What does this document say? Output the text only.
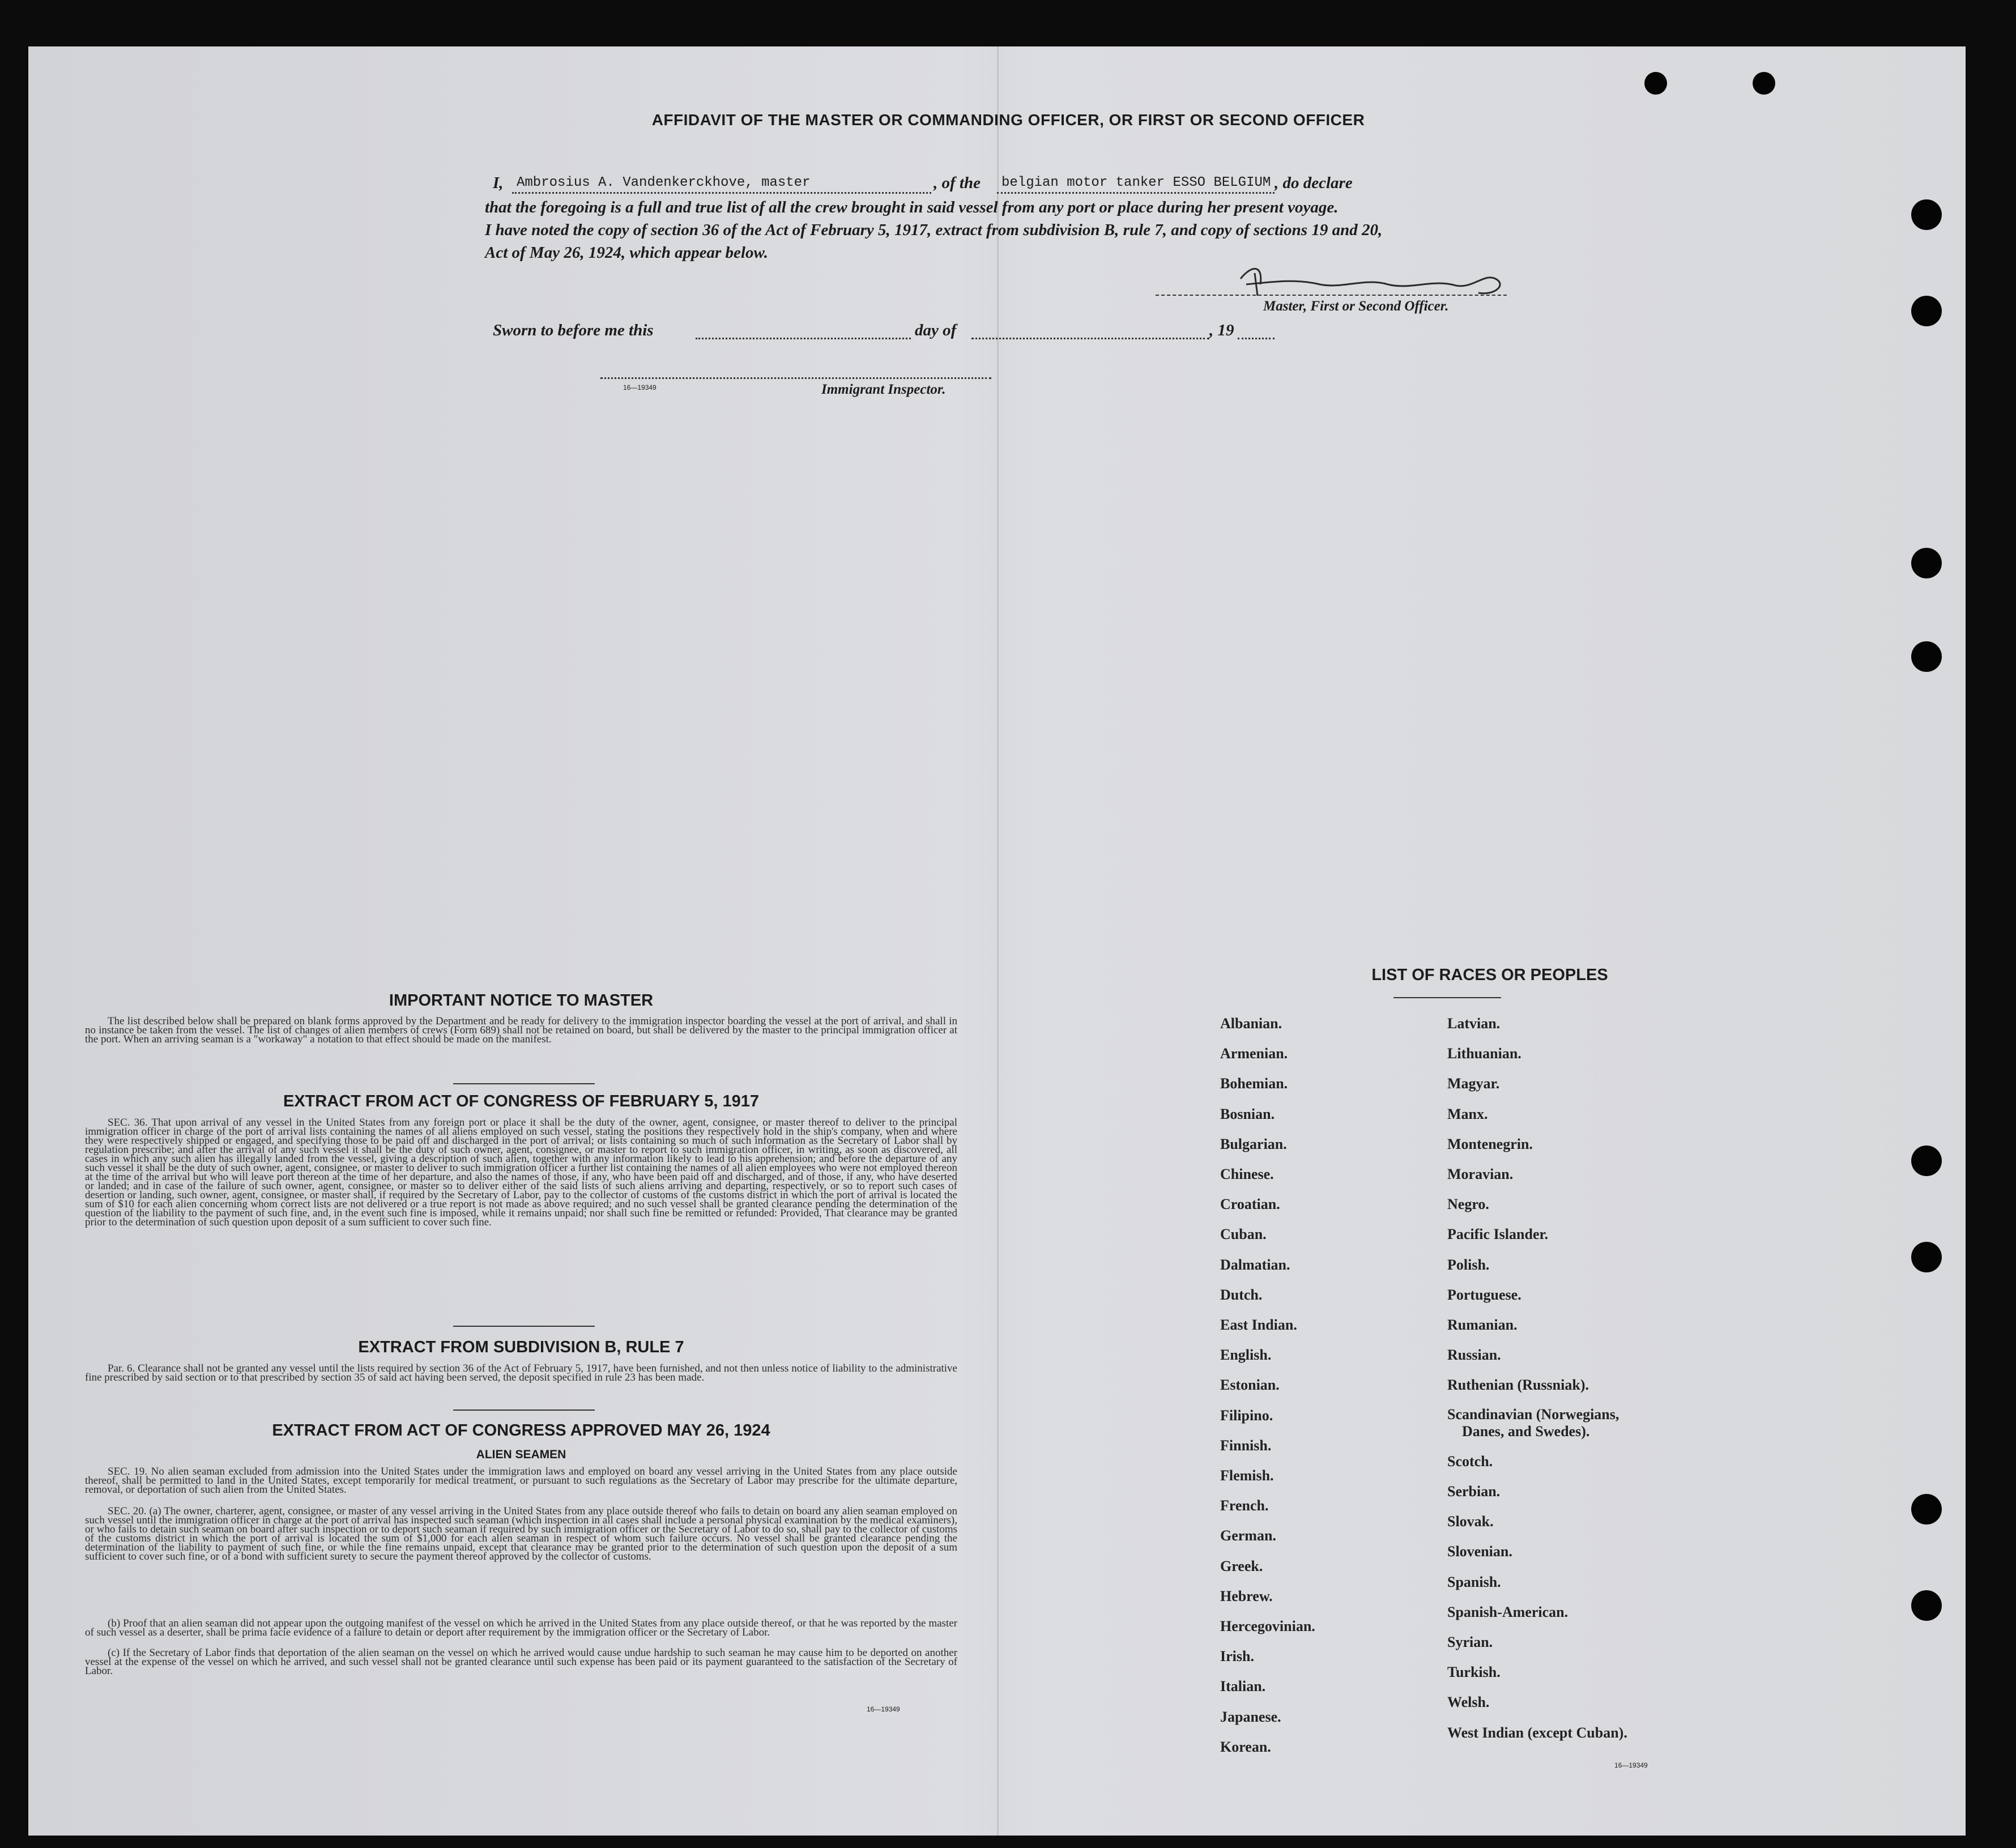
AFFIDAVIT OF THE MASTER OR COMMANDING OFFICER, OR FIRST OR SECOND OFFICER
I, Ambrosius A. Vandenkerckhove, master	, of the belgian motor tanker ESSO BELGIUM , do declare
that the foregoing is a full and true list of all the crew brought in said vessel from any port or place during her present voyage.
I have noted the copy of section 36 of the Act of February 5, 1917, extract from subdivision B, rule 7, and copy of sections 19 and 20,
Act of May 26, 1924, which appear below.
Master, First or Second Officer.
Sworn to before me this	day of	, 19
16—19349	Immigrant Inspector.
IMPORTANT NOTICE TO MASTER
The list described below shall be prepared on blank forms approved by the Department and be ready for delivery to the immigration inspector boarding the vessel at the port of arrival, and shall in no instance be taken from the vessel. The list of changes of alien members of crews (Form 689) shall not be retained on board, but shall be delivered by the master to the principal immigration officer at the port. When an arriving seaman is a "workaway" a notation to that effect should be made on the manifest.
EXTRACT FROM ACT OF CONGRESS OF FEBRUARY 5, 1917
SEC. 36. That upon arrival of any vessel in the United States from any foreign port or place it shall be the duty of the owner, agent, consignee, or master thereof to deliver to the principal immigration officer in charge of the port of arrival lists containing the names of all aliens employed on such vessel, stating the positions they respectively hold in the ship's company, when and where they were respectively shipped or engaged, and specifying those to be paid off and discharged in the port of arrival; or lists containing so much of such information as the Secretary of Labor shall by regulation prescribe; and after the arrival of any such vessel it shall be the duty of such owner, agent, consignee, or master to report to such immigration officer, in writing, as soon as discovered, all cases in which any such alien has illegally landed from the vessel, giving a description of such alien, together with any information likely to lead to his apprehension; and before the departure of any such vessel it shall be the duty of such owner, agent, consignee, or master to deliver to such immigration officer a further list containing the names of all alien employees who were not employed thereon at the time of the arrival but who will leave port thereon at the time of her departure, and also the names of those, if any, who have been paid off and discharged, and of those, if any, who have deserted or landed; and in case of the failure of such owner, agent, consignee, or master so to deliver either of the said lists of such aliens arriving and departing, respectively, or so to report such cases of desertion or landing, such owner, agent, consignee, or master shall, if required by the Secretary of Labor, pay to the collector of customs of the customs district in which the port of arrival is located the sum of $10 for each alien concerning whom correct lists are not delivered or a true report is not made as above required; and no such vessel shall be granted clearance pending the determination of the question of the liability to the payment of such fine, and, in the event such fine is imposed, while it remains unpaid; nor shall such fine be remitted or refunded: Provided, That clearance may be granted prior to the determination of such question upon deposit of a sum sufficient to cover such fine.
EXTRACT FROM SUBDIVISION B, RULE 7
Par. 6. Clearance shall not be granted any vessel until the lists required by section 36 of the Act of February 5, 1917, have been furnished, and not then unless notice of liability to the administrative fine prescribed by said section or to that prescribed by section 35 of said act having been served, the deposit specified in rule 23 has been made.
EXTRACT FROM ACT OF CONGRESS APPROVED MAY 26, 1924
ALIEN SEAMEN
SEC. 19. No alien seaman excluded from admission into the United States under the immigration laws and employed on board any vessel arriving in the United States from any place outside thereof, shall be permitted to land in the United States, except temporarily for medical treatment, or pursuant to such regulations as the Secretary of Labor may prescribe for the ultimate departure, removal, or deportation of such alien from the United States.
SEC. 20. (a) The owner, charterer, agent, consignee, or master of any vessel arriving in the United States from any place outside thereof who fails to detain on board any alien seaman employed on such vessel until the immigration officer in charge at the port of arrival has inspected such seaman (which inspection in all cases shall include a personal physical examination by the medical examiners), or who fails to detain such seaman on board after such inspection or to deport such seaman if required by such immigration officer or the Secretary of Labor to do so, shall pay to the collector of customs of the customs district in which the port of arrival is located the sum of $1,000 for each alien seaman in respect of whom such failure occurs. No vessel shall be granted clearance pending the determination of the liability to payment of such fine, or while the fine remains unpaid, except that clearance may be granted prior to the determination of such question upon the deposit of a sum sufficient to cover such fine, or of a bond with sufficient surety to secure the payment thereof approved by the collector of customs.
(b) Proof that an alien seaman did not appear upon the outgoing manifest of the vessel on which he arrived in the United States from any place outside thereof, or that he was reported by the master of such vessel as a deserter, shall be prima facie evidence of a failure to detain or deport after requirement by the immigration officer or the Secretary of Labor.
(c) If the Secretary of Labor finds that deportation of the alien seaman on the vessel on which he arrived would cause undue hardship to such seaman he may cause him to be deported on another vessel at the expense of the vessel on which he arrived, and such vessel shall not be granted clearance until such expense has been paid or its payment guaranteed to the satisfaction of the Secretary of Labor.
16—19349
LIST OF RACES OR PEOPLES
16—19349
Albanian.
Armenian.
Bohemian.
Bosnian.
Bulgarian.
Chinese.
Croatian.
Cuban.
Dalmatian.
Dutch.
East Indian.
English.
Estonian.
Filipino.
Finnish.
Flemish.
French.
German.
Greek.
Hebrew.
Hercegovinian.
Irish.
Italian.
Japanese.
Korean.
Latvian.
Lithuanian.
Magyar.
Manx.
Montenegrin.
Moravian.
Negro.
Pacific Islander.
Polish.
Portuguese.
Rumanian.
Russian.
Ruthenian (Russniak).
Scandinavian (Norwegians,
Danes, and Swedes).
Scotch.
Serbian.
Slovak.
Slovenian.
Spanish.
Spanish-American.
Syrian.
Turkish.
Welsh.
West Indian (except Cuban).
